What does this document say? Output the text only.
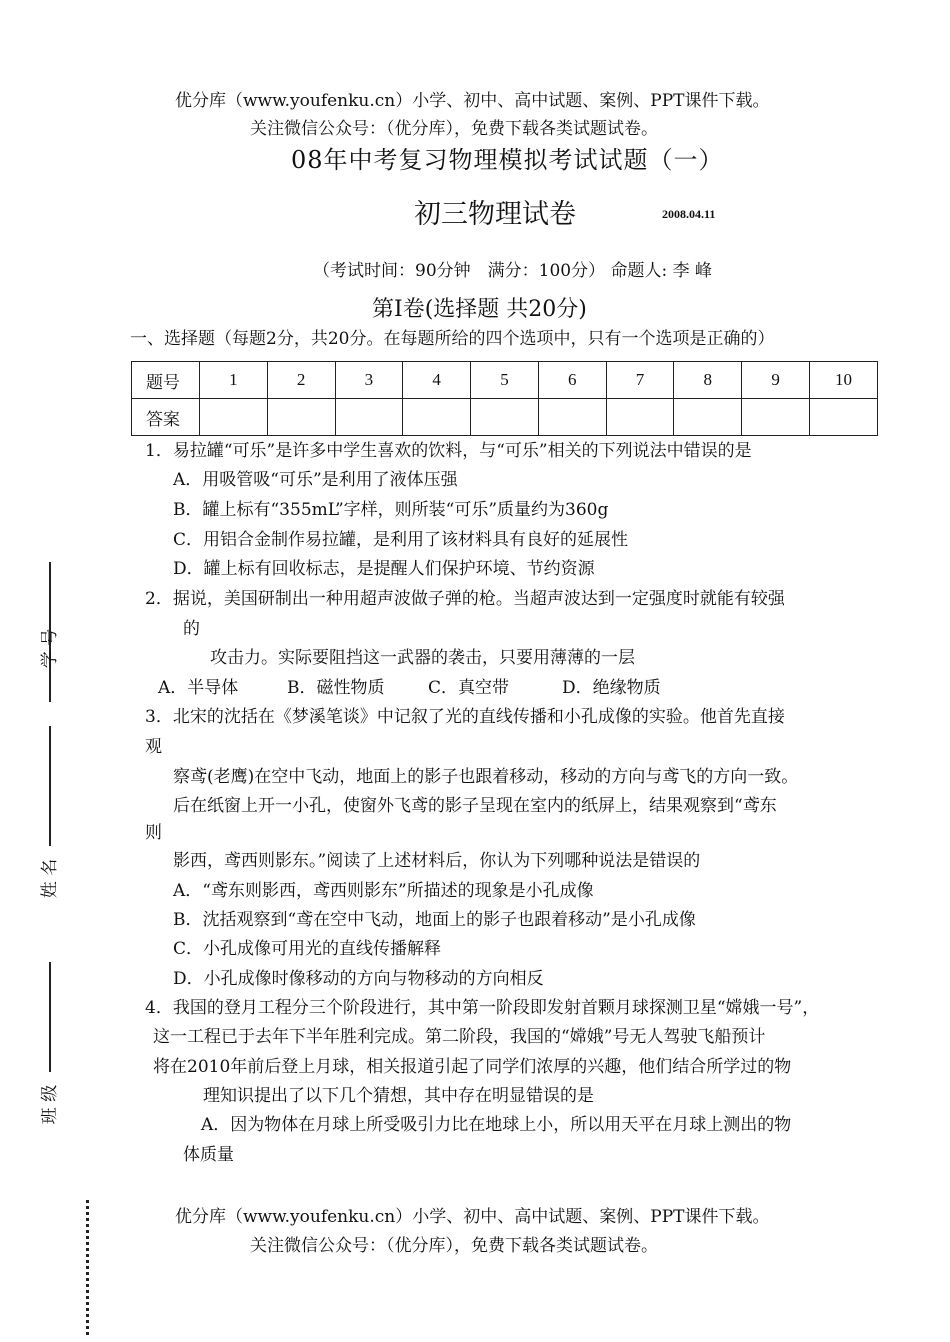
优分库（www.youfenku.cn）小学、初中、高中试题、案例、PPT课件下载。
关注微信公众号：（优分库），免费下载各类试题试卷。
08年中考复习物理模拟考试试题（一）
初三物理试卷	2008.04.11
（考试时间：90分钟　满分：100分） 命题人: 李 峰
第Ⅰ卷(选择题 共20分)
一、选择题（每题2分，共20分。在每题所给的四个选项中，只有一个选项是正确的）
题号	1	2	3	4	5	6	7	8	9	10
答案										
1．易拉罐“可乐”是许多中学生喜欢的饮料，与“可乐”相关的下列说法中错误的是
A．用吸管吸“可乐”是利用了液体压强
B．罐上标有“355mL”字样，则所装“可乐”质量约为360g
C．用铝合金制作易拉罐，是利用了该材料具有良好的延展性
D．罐上标有回收标志，是提醒人们保护环境、节约资源
2．据说，美国研制出一种用超声波做子弹的枪。当超声波达到一定强度时就能有较强
的
攻击力。实际要阻挡这一武器的袭击，只要用薄薄的一层
A．半导体	B．磁性物质	C．真空带	D．绝缘物质
3．北宋的沈括在《梦溪笔谈》中记叙了光的直线传播和小孔成像的实验。他首先直接
观
察鸢(老鹰)在空中飞动，地面上的影子也跟着移动，移动的方向与鸢飞的方向一致。
后在纸窗上开一小孔，使窗外飞鸢的影子呈现在室内的纸屏上，结果观察到“鸢东
则
影西，鸢西则影东。”阅读了上述材料后，你认为下列哪种说法是错误的
A．“鸢东则影西，鸢西则影东”所描述的现象是小孔成像
B．沈括观察到“鸢在空中飞动，地面上的影子也跟着移动”是小孔成像
C．小孔成像可用光的直线传播解释
D．小孔成像时像移动的方向与物移动的方向相反
4．我国的登月工程分三个阶段进行，其中第一阶段即发射首颗月球探测卫星“嫦娥一号”，
这一工程已于去年下半年胜利完成。第二阶段，我国的“嫦娥”号无人驾驶飞船预计
将在2010年前后登上月球，相关报道引起了同学们浓厚的兴趣，他们结合所学过的物
理知识提出了以下几个猜想，其中存在明显错误的是
A．因为物体在月球上所受吸引力比在地球上小，所以用天平在月球上测出的物
体质量
优分库（www.youfenku.cn）小学、初中、高中试题、案例、PPT课件下载。
关注微信公众号：（优分库），免费下载各类试题试卷。
学 号
姓 名
班 级
